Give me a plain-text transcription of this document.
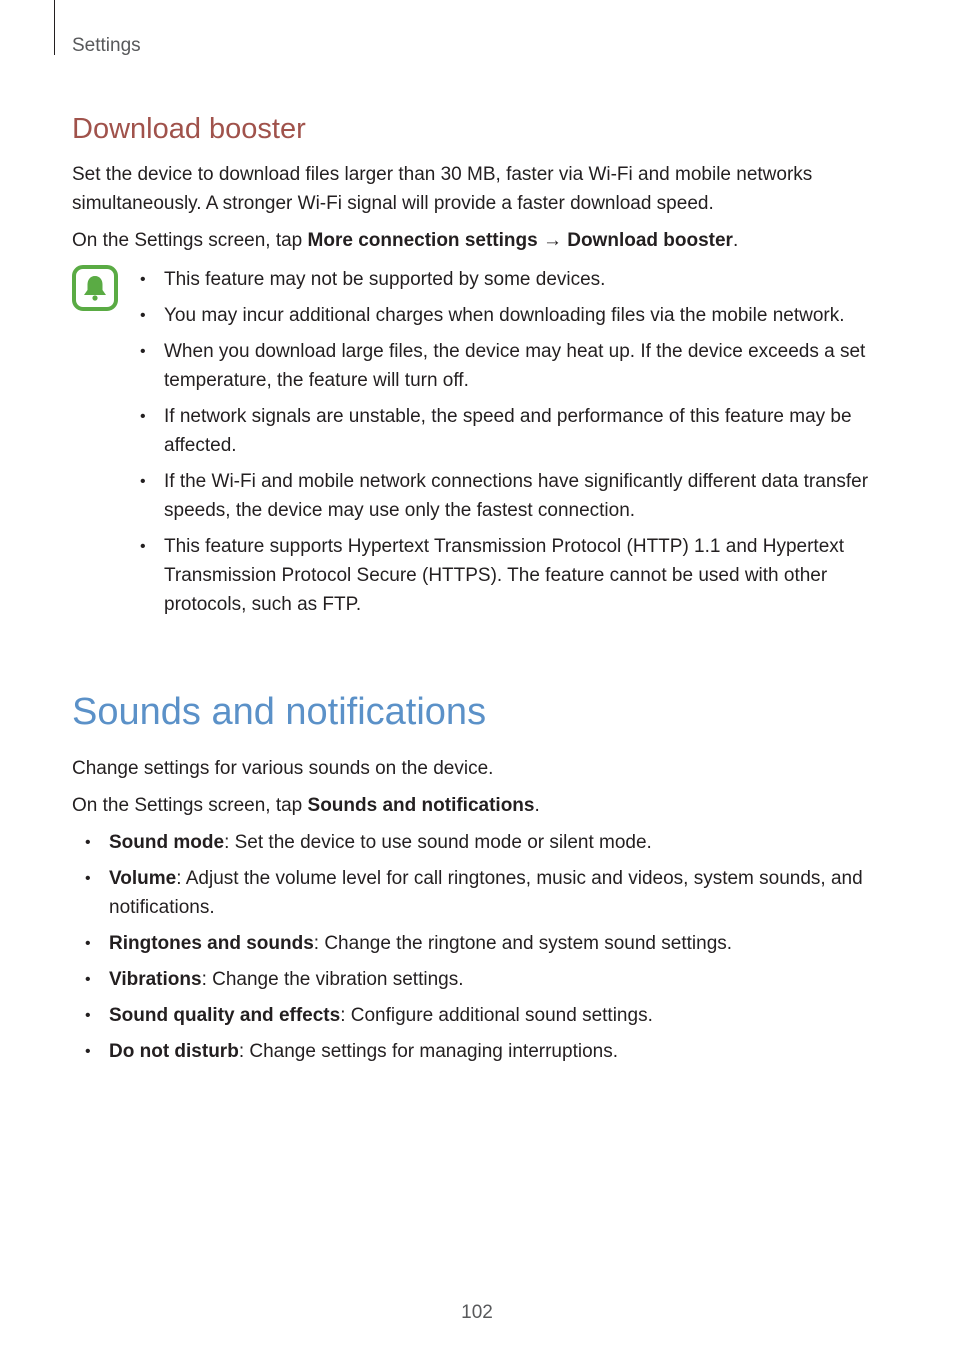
Settings
Download booster

Set the device to download files larger than 30 MB, faster via Wi-Fi and mobile networks simultaneously. A stronger Wi-Fi signal will provide a faster download speed.

On the Settings screen, tap More connection settings → Download booster.

• This feature may not be supported by some devices.
• You may incur additional charges when downloading files via the mobile network.
• When you download large files, the device may heat up. If the device exceeds a set temperature, the feature will turn off.
• If network signals are unstable, the speed and performance of this feature may be affected.
• If the Wi-Fi and mobile network connections have significantly different data transfer speeds, the device may use only the fastest connection.
• This feature supports Hypertext Transmission Protocol (HTTP) 1.1 and Hypertext Transmission Protocol Secure (HTTPS). The feature cannot be used with other protocols, such as FTP.
Sounds and notifications

Change settings for various sounds on the device.

On the Settings screen, tap Sounds and notifications.

• Sound mode: Set the device to use sound mode or silent mode.
• Volume: Adjust the volume level for call ringtones, music and videos, system sounds, and notifications.
• Ringtones and sounds: Change the ringtone and system sound settings.
• Vibrations: Change the vibration settings.
• Sound quality and effects: Configure additional sound settings.
• Do not disturb: Change settings for managing interruptions.
102
